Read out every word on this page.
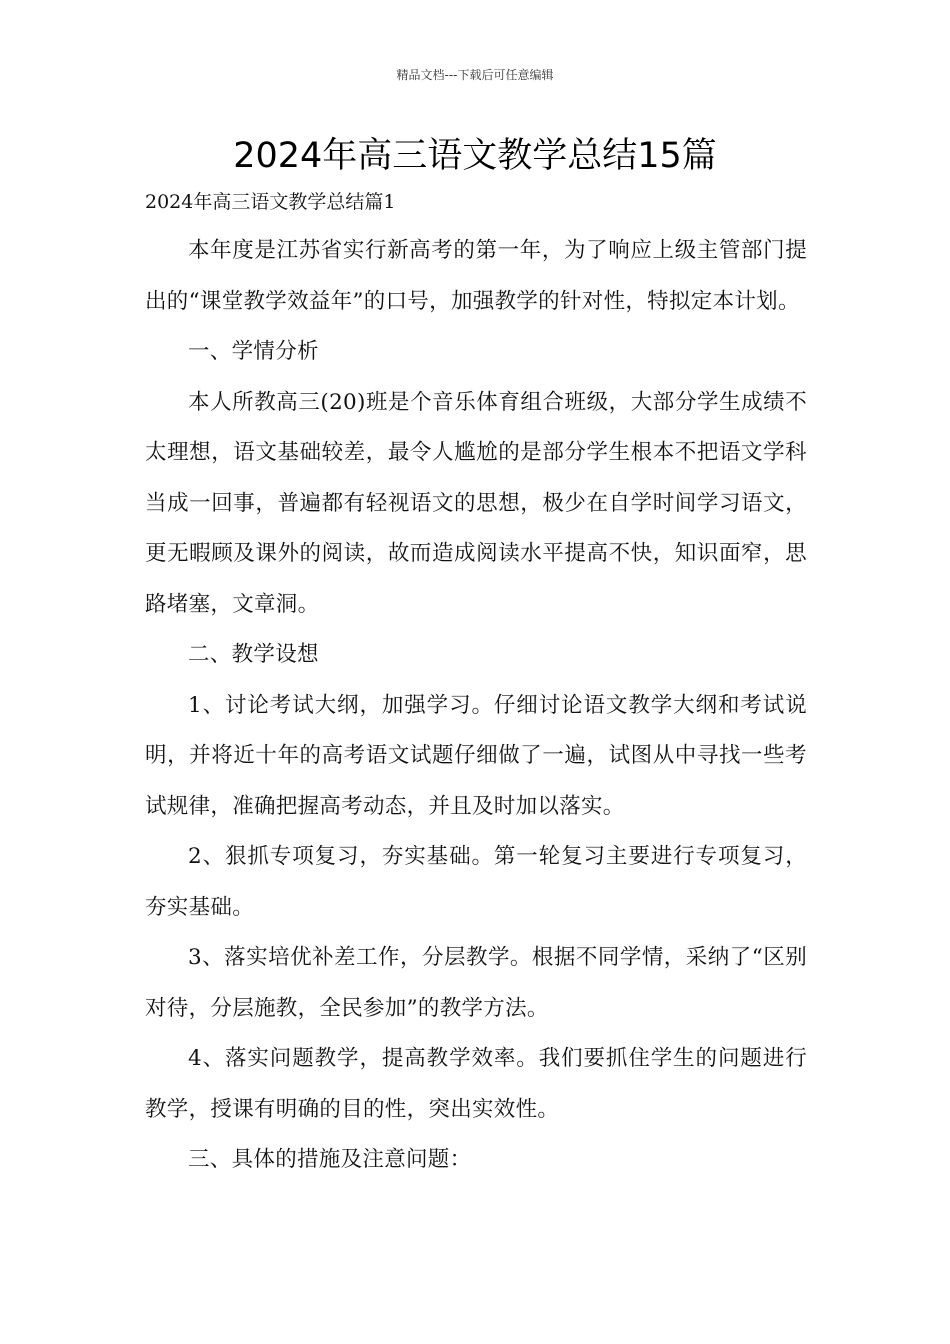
精品文档---下载后可任意编辑
2024年高三语文教学总结15篇
2024年高三语文教学总结篇1

本年度是江苏省实行新高考的第一年，为了响应上级主管部门提出的“课堂教学效益年”的口号，加强教学的针对性，特拟定本计划。

一、学情分析

本人所教高三(20)班是个音乐体育组合班级，大部分学生成绩不太理想，语文基础较差，最令人尴尬的是部分学生根本不把语文学科当成一回事，普遍都有轻视语文的思想，极少在自学时间学习语文，更无暇顾及课外的阅读，故而造成阅读水平提高不快，知识面窄，思路堵塞，文章洞。

二、教学设想

1、讨论考试大纲，加强学习。仔细讨论语文教学大纲和考试说明，并将近十年的高考语文试题仔细做了一遍，试图从中寻找一些考试规律，准确把握高考动态，并且及时加以落实。

2、狠抓专项复习，夯实基础。第一轮复习主要进行专项复习，夯实基础。

3、落实培优补差工作，分层教学。根据不同学情，采纳了“区别对待，分层施教，全民参加”的教学方法。

4、落实问题教学，提高教学效率。我们要抓住学生的问题进行教学，授课有明确的目的性，突出实效性。

三、具体的措施及注意问题：
